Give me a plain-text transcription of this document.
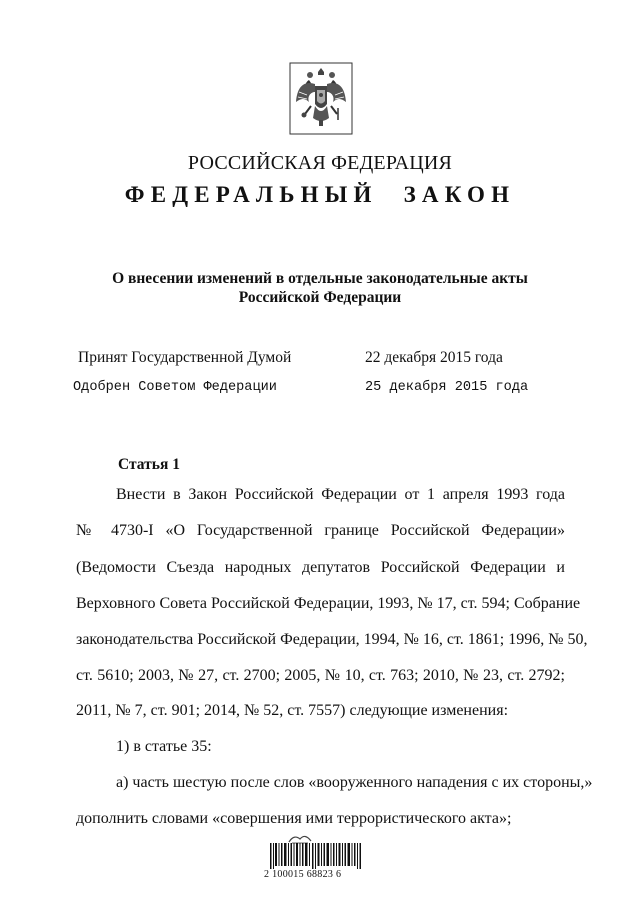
РОССИЙСКАЯ ФЕДЕРАЦИЯ
ФЕДЕРАЛЬНЫЙ ЗАКОН
О внесении изменений в отдельные законодательные акты
Российской Федерации
Принят Государственной Думой	22 декабря 2015 года
Одобрен Советом Федерации	25 декабря 2015 года
Статья 1
Внести в Закон Российской Федерации от 1 апреля 1993 года
№ 4730-I «О Государственной границе Российской Федерации»
(Ведомости Съезда народных депутатов Российской Федерации и
Верховного Совета Российской Федерации, 1993, № 17, ст. 594; Собрание
законодательства Российской Федерации, 1994, № 16, ст. 1861; 1996, № 50,
ст. 5610; 2003, № 27, ст. 2700; 2005, № 10, ст. 763; 2010, № 23, ст. 2792;
2011, № 7, ст. 901; 2014, № 52, ст. 7557) следующие изменения:
1) в статье 35:
а) часть шестую после слов «вооруженного нападения с их стороны,»
дополнить словами «совершения ими террористического акта»;
2 100015 68823 6
